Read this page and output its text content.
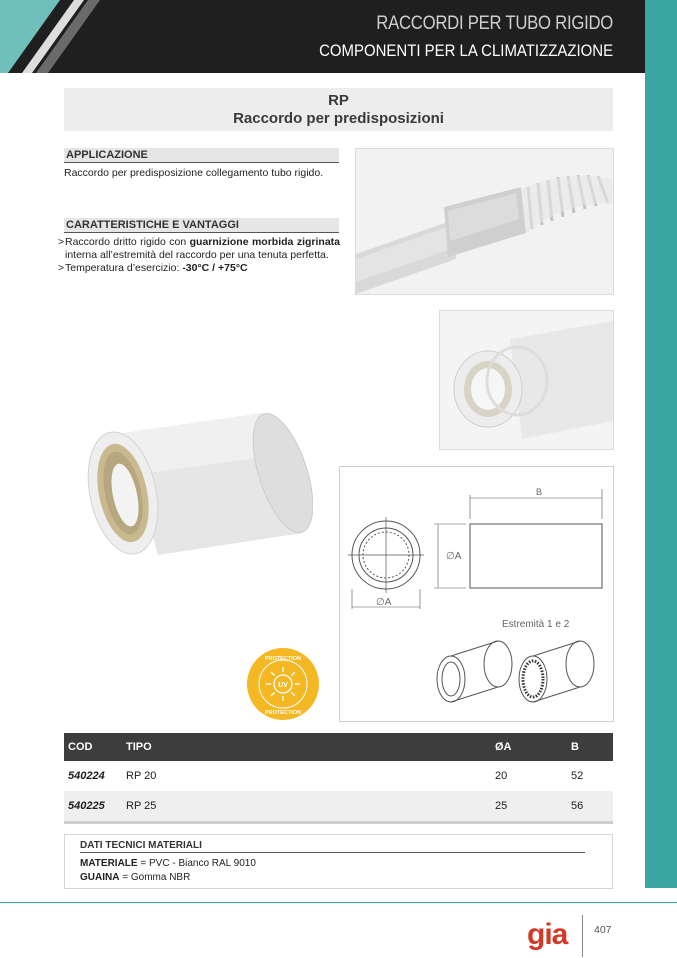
RACCORDI PER TUBO RIGIDO
COMPONENTI PER LA CLIMATIZZAZIONE
RP
Raccordo per predisposizioni
APPLICAZIONE
Raccordo per predisposizione collegamento tubo rigido.
CARATTERISTICHE E VANTAGGI
> Raccordo dritto rigido con guarnizione morbida zigrinata interna all’estremità del raccordo per una tenuta perfetta.
> Temperatura d’esercizio: -30°C / +75°C
B
∅A
∅A
Estremità 1 e 2
UV
PROTECTION
PROTECTION
COD	TIPO	ØA	B
540224 RP 20	20	52
540225 RP 25	25	56
DATI TECNICI MATERIALI
MATERIALE = PVC - Bianco RAL 9010
GUAINA = Gomma NBR
gia	407
